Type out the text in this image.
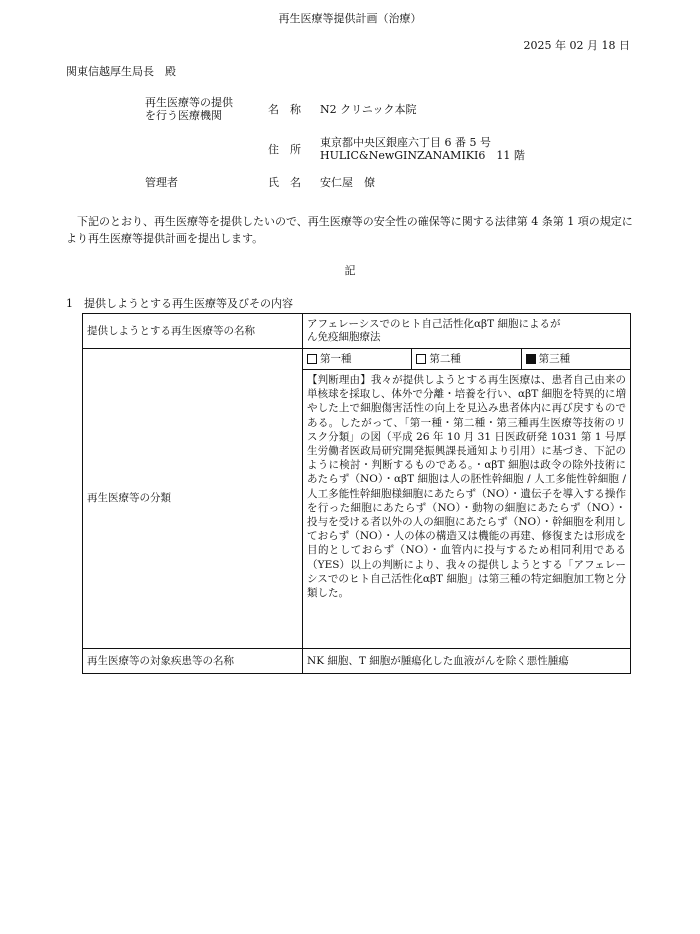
再生医療等提供計画（治療）
2025 年 02 月 18 日
関東信越厚生局長　殿
再生医療等の提供
を行う医療機関	名　称 N2 クリニック本院
住　所
東京都中央区銀座六丁目 6 番 5 号
HULIC&NewGINZANAMIKI6　11 階
管理者	氏　名 安仁屋　僚
下記のとおり、再生医療等を提供したいので、再生医療等の安全性の確保等に関する法律第 4 条第 1 項の規定により再生医療等提供計画を提出します。
記
1　提供しようとする再生医療等及びその内容
提供しようとする再生医療等の名称	アフェレーシスでのヒト自己活性化αβT 細胞によるが
ん免疫細胞療法

再生医療等の分類	第一種 第二種 第三種
【判断理由】我々が提供しようとする再生医療は、患者自己由来の単核球を採取し、体外で分離・培養を行い、αβT 細胞を特異的に増やした上で細胞傷害活性の向上を見込み患者体内に再び戻すものである。したがって、「第一種・第二種・第三種再生医療等技術のリスク分類」の図（平成 26 年 10 月 31 日医政研発 1031 第 1 号厚生労働者医政局研究開発振興課長通知より引用）に基づき、下記のように検討・判断するものである。・αβT 細胞は政令の除外技術にあたらず（NO）・αβT 細胞は人の胚性幹細胞 / 人工多能性幹細胞 / 人工多能性幹細胞様細胞にあたらず（NO）・遺伝子を導入する操作を行った細胞にあたらず（NO）・動物の細胞にあたらず（NO）・投与を受ける者以外の人の細胞にあたらず（NO）・幹細胞を利用しておらず（NO）・人の体の構造又は機能の再建、修復または形成を目的としておらず（NO）・血管内に投与するため相同利用である（YES）以上の判断により、我々の提供しようとする「アフェレーシスでのヒト自己活性化αβT 細胞」は第三種の特定細胞加工物と分類した。

再生医療等の対象疾患等の名称	NK 細胞、T 細胞が腫瘍化した血液がんを除く悪性腫瘍
